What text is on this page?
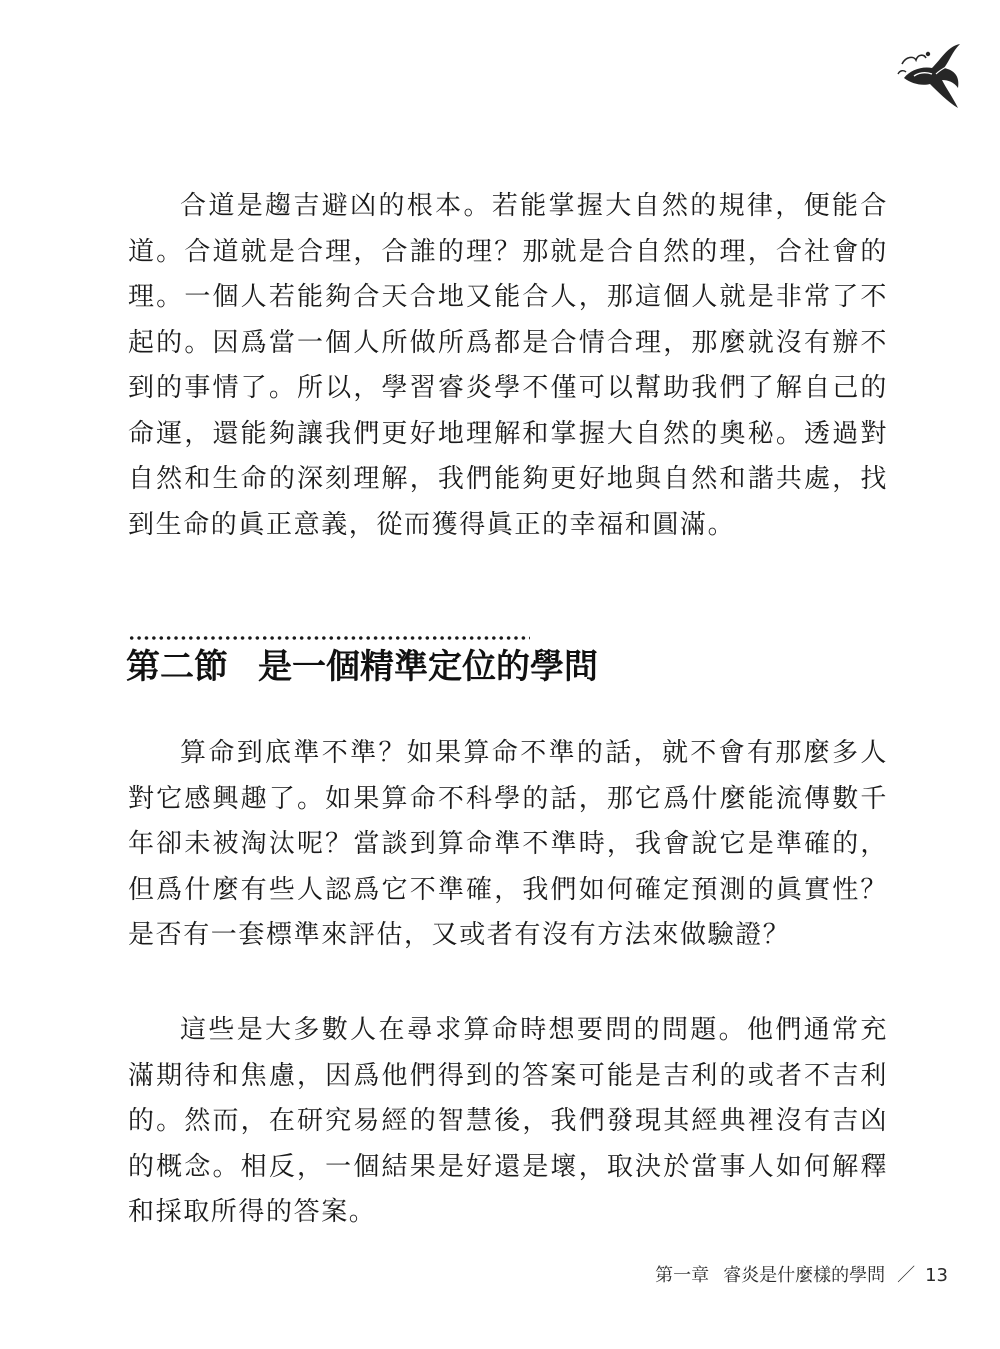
合道是趨吉避凶的根本。若能掌握大自然的規律，便能合道。合道就是合理，合誰的理？那就是合自然的理，合社會的理。一個人若能夠合天合地又能合人，那這個人就是非常了不起的。因爲當一個人所做所爲都是合情合理，那麼就沒有辦不到的事情了。所以，學習睿炎學不僅可以幫助我們了解自己的命運，還能夠讓我們更好地理解和掌握大自然的奧秘。透過對自然和生命的深刻理解，我們能夠更好地與自然和諧共處，找到生命的眞正意義，從而獲得眞正的幸福和圓滿。

第二節 是一個精準定位的學問

算命到底準不準？如果算命不準的話，就不會有那麼多人對它感興趣了。如果算命不科學的話，那它爲什麼能流傳數千年卻未被淘汰呢？當談到算命準不準時，我會說它是準確的，但爲什麼有些人認爲它不準確，我們如何確定預測的眞實性？是否有一套標準來評估，又或者有沒有方法來做驗證？

這些是大多數人在尋求算命時想要問的問題。他們通常充滿期待和焦慮，因爲他們得到的答案可能是吉利的或者不吉利的。然而，在研究易經的智慧後，我們發現其經典裡沒有吉凶的概念。相反，一個結果是好還是壞，取決於當事人如何解釋和採取所得的答案。

第一章 睿炎是什麼樣的學問 ／ 13
